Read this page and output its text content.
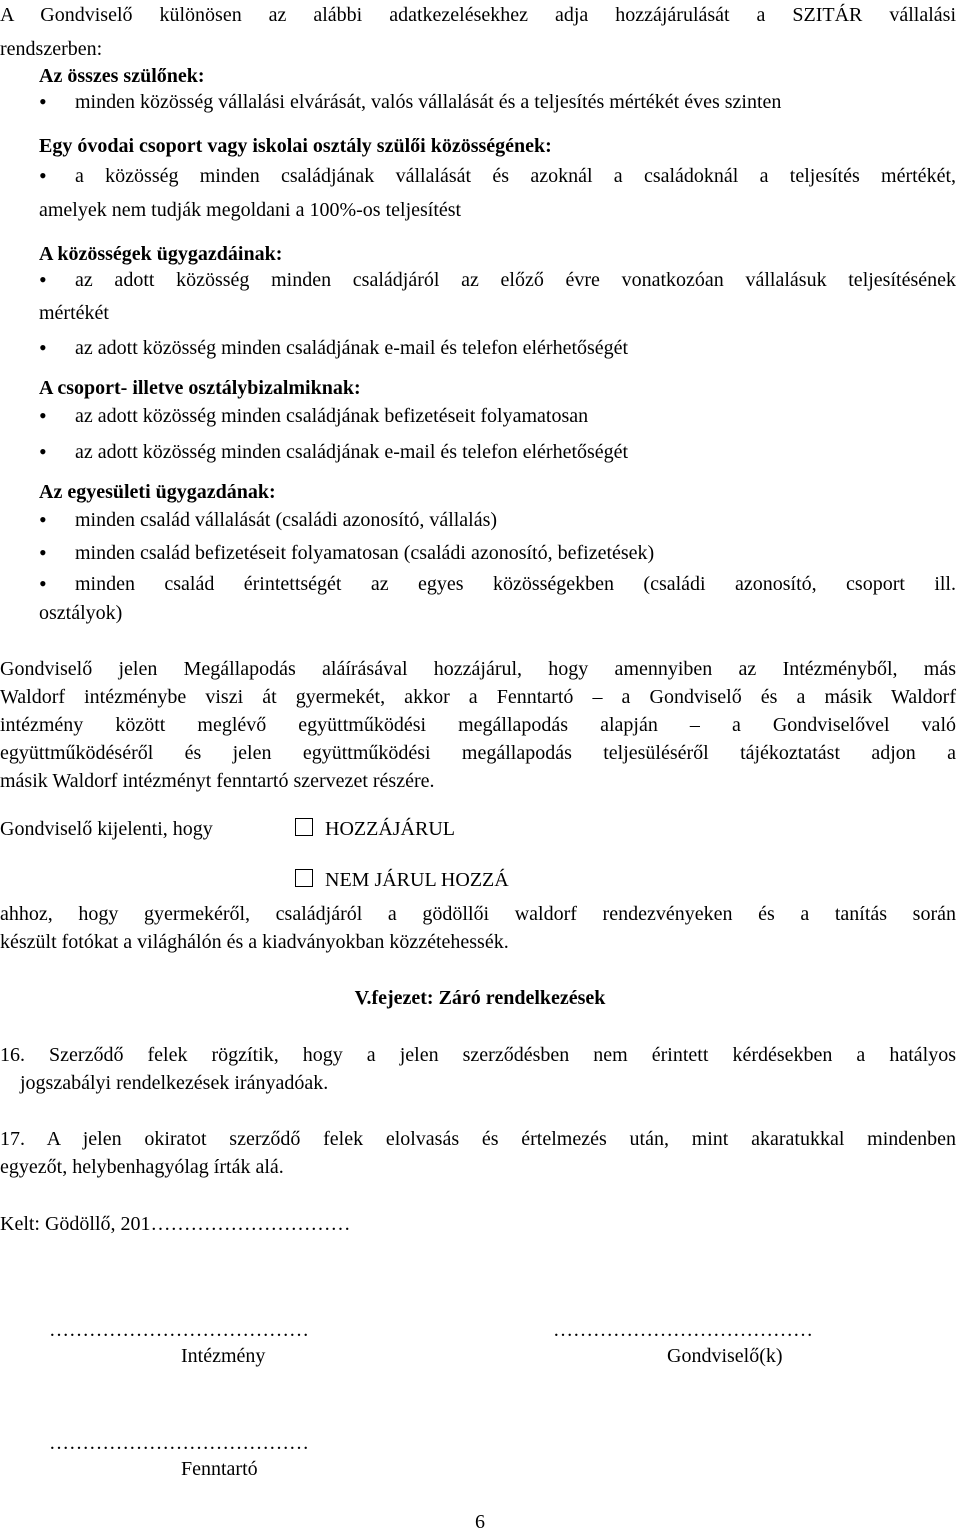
A Gondviselő különösen az alábbi adatkezelésekhez adja hozzájárulását a SZITÁR vállalási
rendszerben:
Az összes szülőnek:
• minden közösség vállalási elvárását, valós vállalását és a teljesítés mértékét éves szinten
Egy óvodai csoport vagy iskolai osztály szülői közösségének:
• a közösség minden családjának vállalását és azoknál a családoknál a teljesítés mértékét,
amelyek nem tudják megoldani a 100%-os teljesítést
A közösségek ügygazdáinak:
• az adott közösség minden családjáról az előző évre vonatkozóan vállalásuk teljesítésének
mértékét
• az adott közösség minden családjának e-mail és telefon elérhetőségét
A csoport- illetve osztálybizalmiknak:
• az adott közösség minden családjának befizetéseit folyamatosan
• az adott közösség minden családjának e-mail és telefon elérhetőségét
Az egyesületi ügygazdának:
• minden család vállalását (családi azonosító, vállalás)
• minden család befizetéseit folyamatosan (családi azonosító, befizetések)
• minden család érintettségét az egyes közösségekben (családi azonosító, csoport ill.
osztályok)
Gondviselő jelen Megállapodás aláírásával hozzájárul, hogy amennyiben az Intézményből, más
Waldorf intézménybe viszi át gyermekét, akkor a Fenntartó – a Gondviselő és a másik Waldorf
intézmény között meglévő együttműködési megállapodás alapján – a Gondviselővel való
együttműködéséről és jelen együttműködési megállapodás teljesüléséről tájékoztatást adjon a
másik Waldorf intézményt fenntartó szervezet részére.
Gondviselő kijelenti, hogy	HOZZÁJÁRUL
NEM JÁRUL HOZZÁ
ahhoz, hogy gyermekéről, családjáról a gödöllői waldorf rendezvényeken és a tanítás során
készült fotókat a világhálón és a kiadványokban közzétehessék.
V.fejezet: Záró rendelkezések
16. Szerződő felek rögzítik, hogy a jelen szerződésben nem érintett kérdésekben a hatályos
jogszabályi rendelkezések irányadóak.
17. A jelen okiratot szerződő felek elolvasás és értelmezés után, mint akaratukkal mindenben
egyezőt, helybenhagyólag írták alá.
Kelt: Gödöllő, 201…………………………
…………………………………
Intézmény
…………………………………
Gondviselő(k)
…………………………………
Fenntartó
6
